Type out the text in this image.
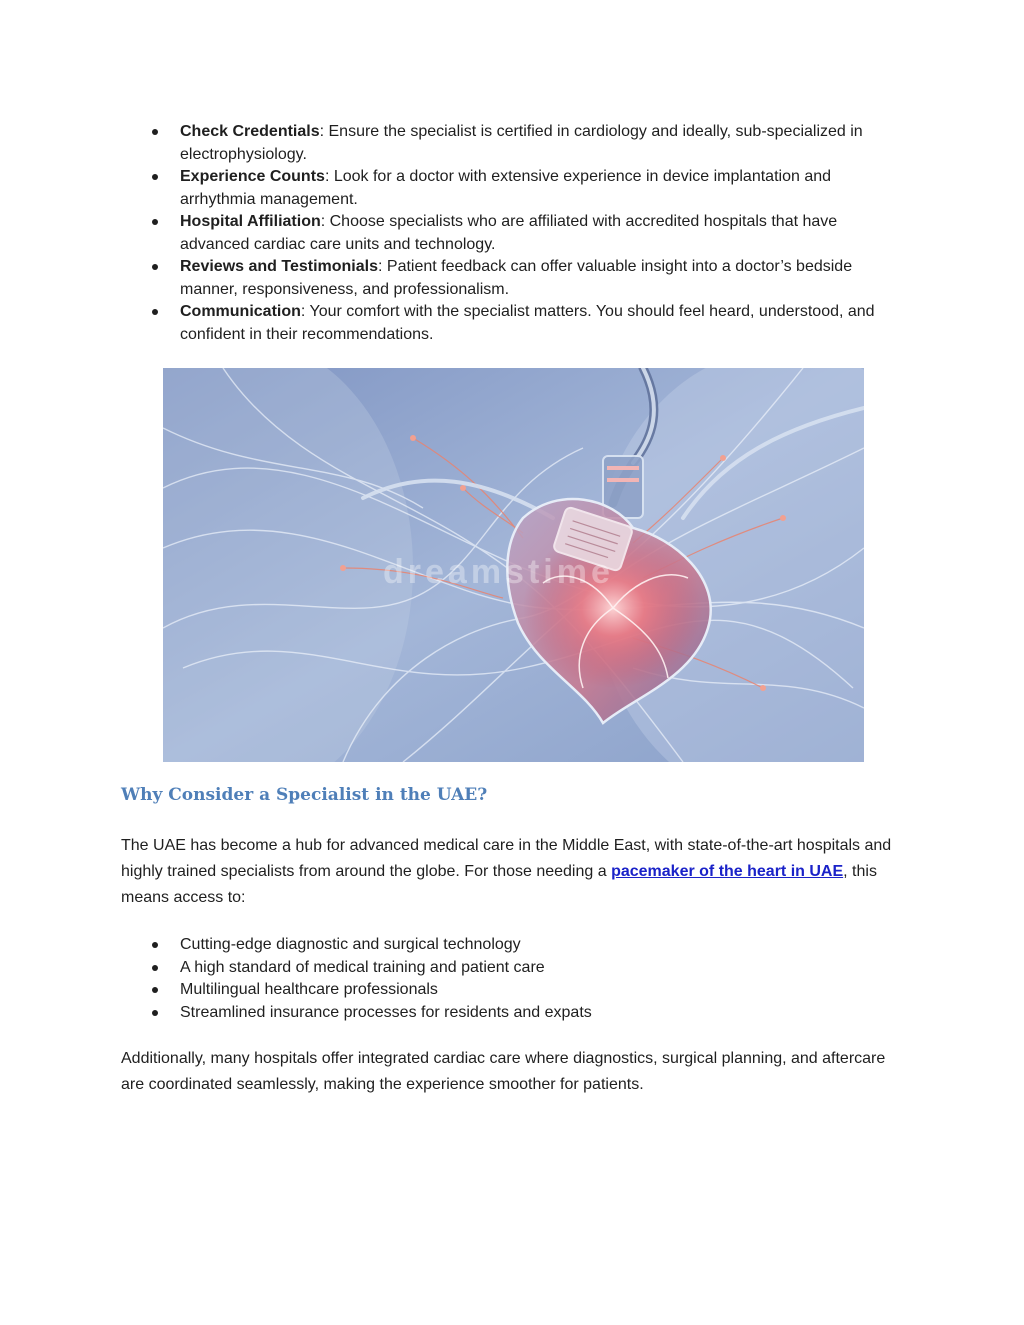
Check Credentials: Ensure the specialist is certified in cardiology and ideally, sub-specialized in electrophysiology.
Experience Counts: Look for a doctor with extensive experience in device implantation and arrhythmia management.
Hospital Affiliation: Choose specialists who are affiliated with accredited hospitals that have advanced cardiac care units and technology.
Reviews and Testimonials: Patient feedback can offer valuable insight into a doctor’s bedside manner, responsiveness, and professionalism.
Communication: Your comfort with the specialist matters. You should feel heard, understood, and confident in their recommendations.
dreamstime
Why Consider a Specialist in the UAE?

The UAE has become a hub for advanced medical care in the Middle East, with state-of-the-art hospitals and highly trained specialists from around the globe. For those needing a pacemaker of the heart in UAE, this means access to:

Cutting-edge diagnostic and surgical technology
A high standard of medical training and patient care
Multilingual healthcare professionals
Streamlined insurance processes for residents and expats

Additionally, many hospitals offer integrated cardiac care where diagnostics, surgical planning, and aftercare are coordinated seamlessly, making the experience smoother for patients.
